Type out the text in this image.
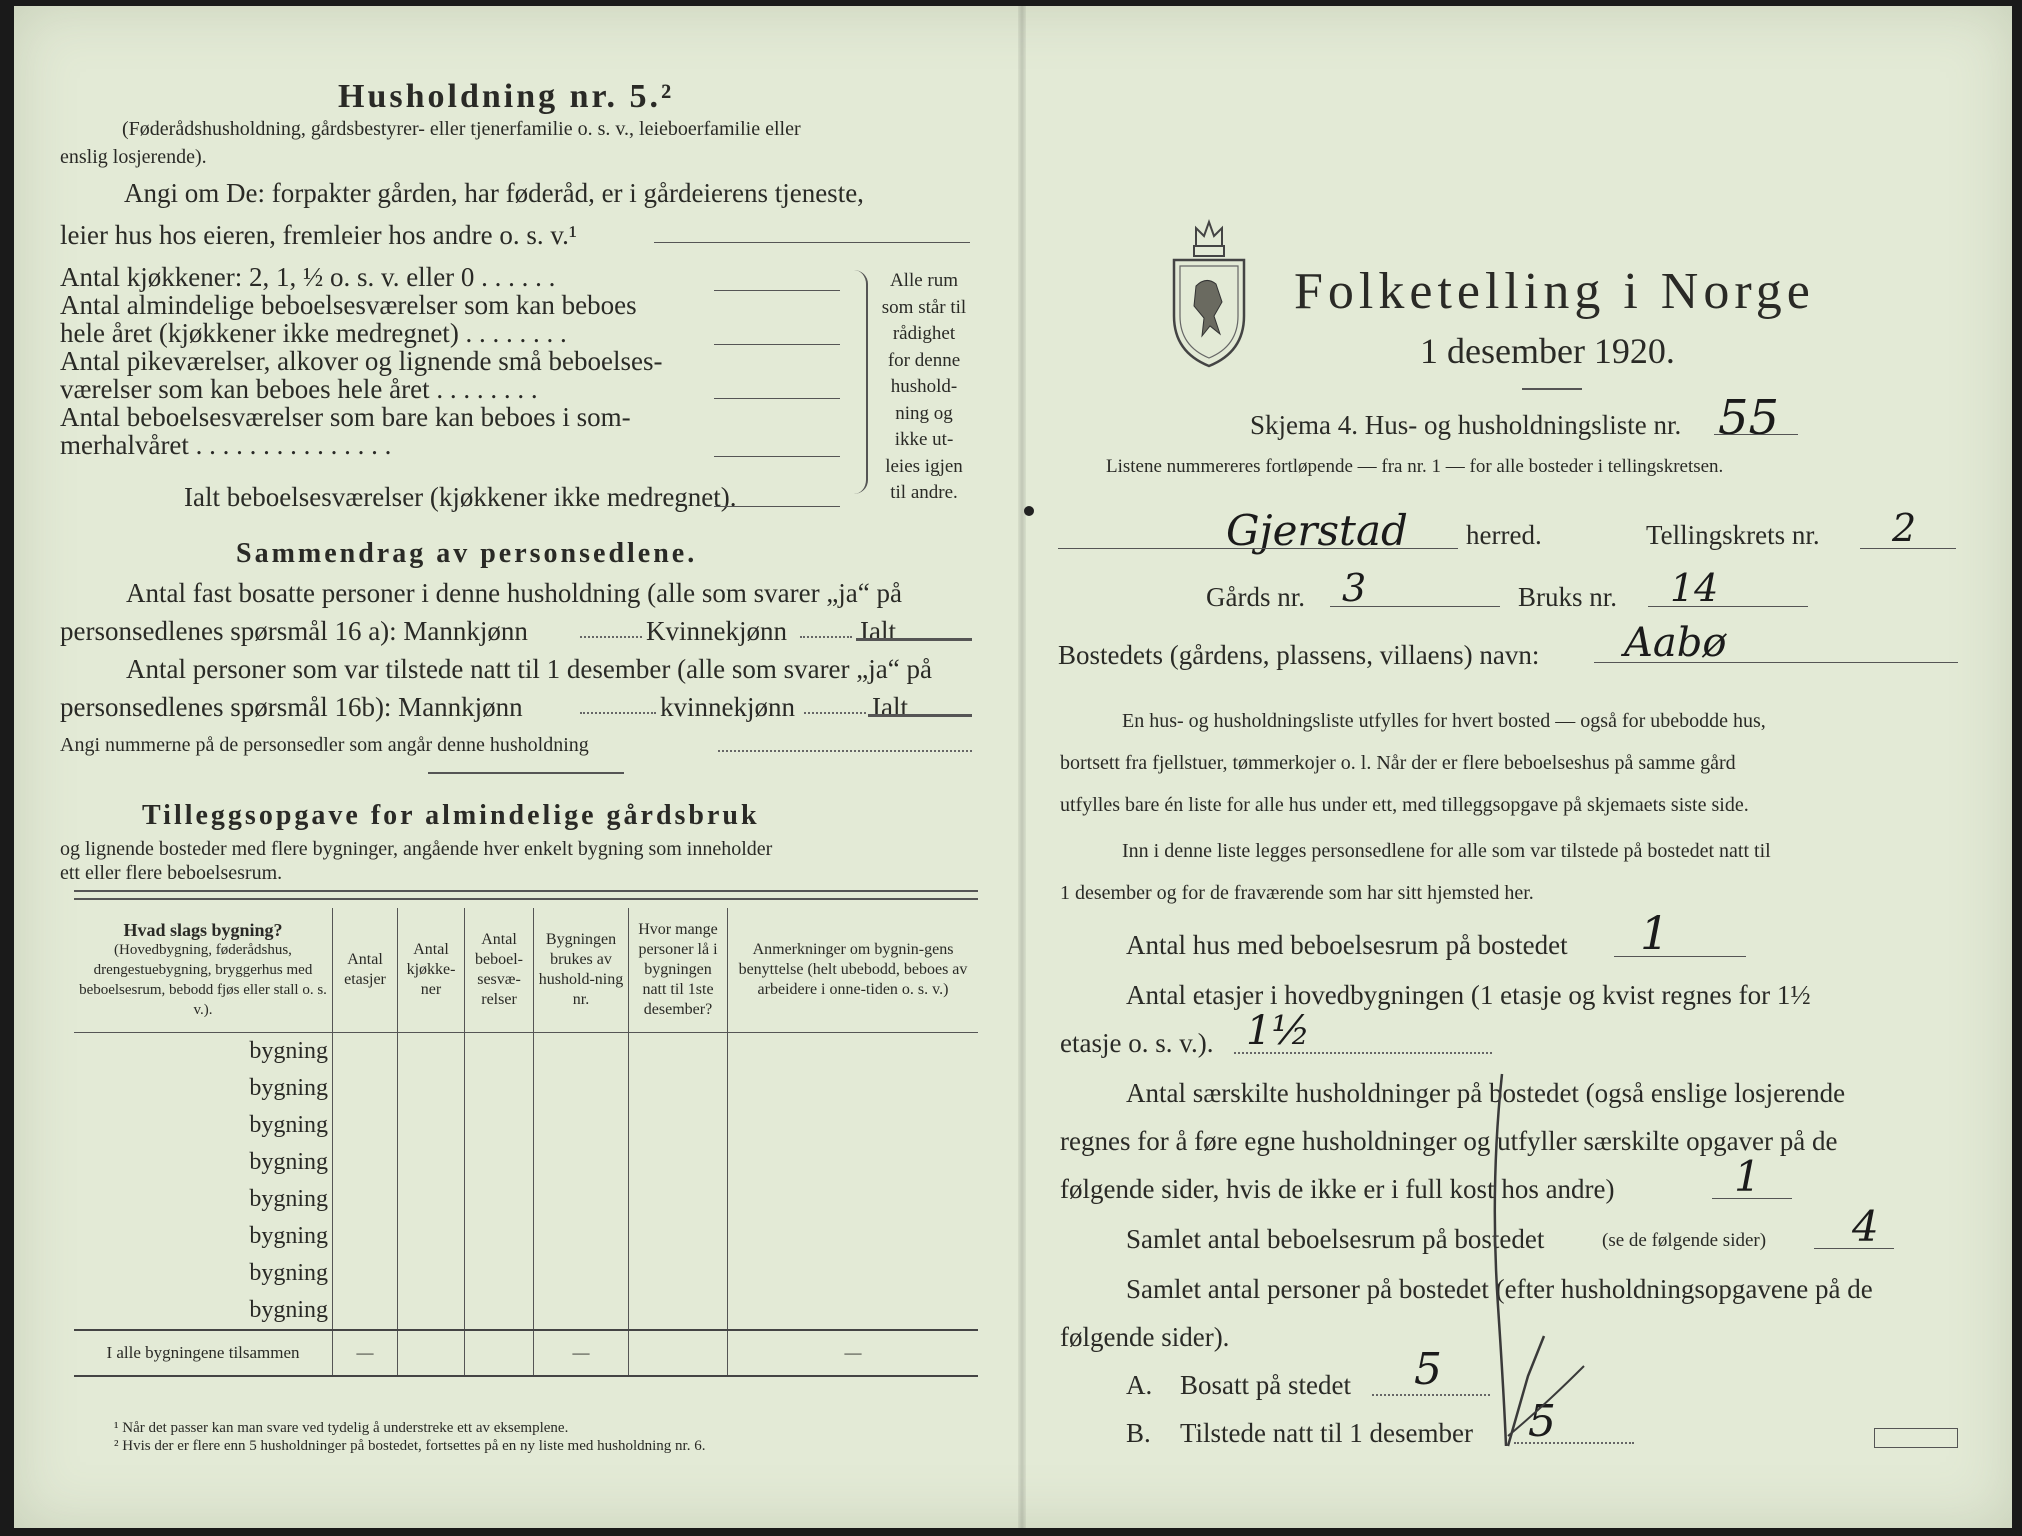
Husholdning nr. 5.²
(Føderådshusholdning, gårdsbestyrer- eller tjenerfamilie o. s. v., leieboerfamilie eller
enslig losjerende).
Angi om De: forpakter gården, har føderåd, er i gårdeierens tjeneste,
leier hus hos eieren, fremleier hos andre o. s. v.¹
Antal kjøkkener: 2, 1, ½ o. s. v. eller 0 . . . . . .
Antal almindelige beboelsesværelser som kan beboes
hele året (kjøkkener ikke medregnet) . . . . . . . .
Antal pikeværelser, alkover og lignende små beboelses-
værelser som kan beboes hele året . . . . . . . .
Antal beboelsesværelser som bare kan beboes i som-
merhalvåret . . . . . . . . . . . . . . .
Alle rum
som står til
rådighet
for denne
hushold-
ning og
ikke ut-
leies igjen
til andre.
Ialt beboelsesværelser (kjøkkener ikke medregnet).
Sammendrag av personsedlene.
Antal fast bosatte personer i denne husholdning (alle som svarer „ja“ på
personsedlenes spørsmål 16 a): Mannkjønn	Kvinnekjønn	Ialt
Antal personer som var tilstede natt til 1 desember (alle som svarer „ja“ på
personsedlenes spørsmål 16b): Mannkjønn	kvinnekjønn	Ialt
Angi nummerne på de personsedler som angår denne husholdning
Tilleggsopgave for almindelige gårdsbruk
og lignende bosteder med flere bygninger, angående hver enkelt bygning som inneholder
ett eller flere beboelsesrum.
Hvad slags bygning?
(Hovedbygning, føderådshus, drengestuebygning, bryggerhus med beboelsesrum, bebodd fjøs eller stall o. s. v.).	Antal etasjer	Antal kjøkke-ner	Antal beboel-sesvæ-relser	Bygningen brukes av hushold-ning nr.	Hvor mange personer lå i bygningen natt til 1ste desember?	Anmerkninger om bygnin-gens benyttelse (helt ubebodd, beboes av arbeidere i onne-tiden o. s. v.)
bygning						
bygning						
bygning						
bygning						
bygning						
bygning						
bygning						
bygning						
I alle bygningene tilsammen	—			—		—
¹ Når det passer kan man svare ved tydelig å understreke ett av eksemplene.
² Hvis der er flere enn 5 husholdninger på bostedet, fortsettes på en ny liste med husholdning nr. 6.
Folketelling i Norge
1 desember 1920.
Skjema 4. Hus- og husholdningsliste nr. 55
Listene nummereres fortløpende — fra nr. 1 — for alle bosteder i tellingskretsen.
Gjerstad herred.	Tellingskrets nr. 2
Gårds nr. 3	Bruks nr. 14
Bostedets (gårdens, plassens, villaens) navn: Aabø
En hus- og husholdningsliste utfylles for hvert bosted — også for ubebodde hus,
bortsett fra fjellstuer, tømmerkojer o. l. Når der er flere beboelseshus på samme gård
utfylles bare én liste for alle hus under ett, med tilleggsopgave på skjemaets siste side.
Inn i denne liste legges personsedlene for alle som var tilstede på bostedet natt til
1 desember og for de fraværende som har sitt hjemsted her.
Antal hus med beboelsesrum på bostedet 1
Antal etasjer i hovedbygningen (1 etasje og kvist regnes for 1½
etasje o. s. v.). 1½
Antal særskilte husholdninger på bostedet (også enslige losjerende
regnes for å føre egne husholdninger og utfyller særskilte opgaver på de
følgende sider, hvis de ikke er i full kost hos andre)	1
Samlet antal beboelsesrum på bostedet	(se de følgende sider) 4
Samlet antal personer på bostedet (efter husholdningsopgavene på de
følgende sider).
A. Bosatt på stedet 5
B. Tilstede natt til 1 desember 5
